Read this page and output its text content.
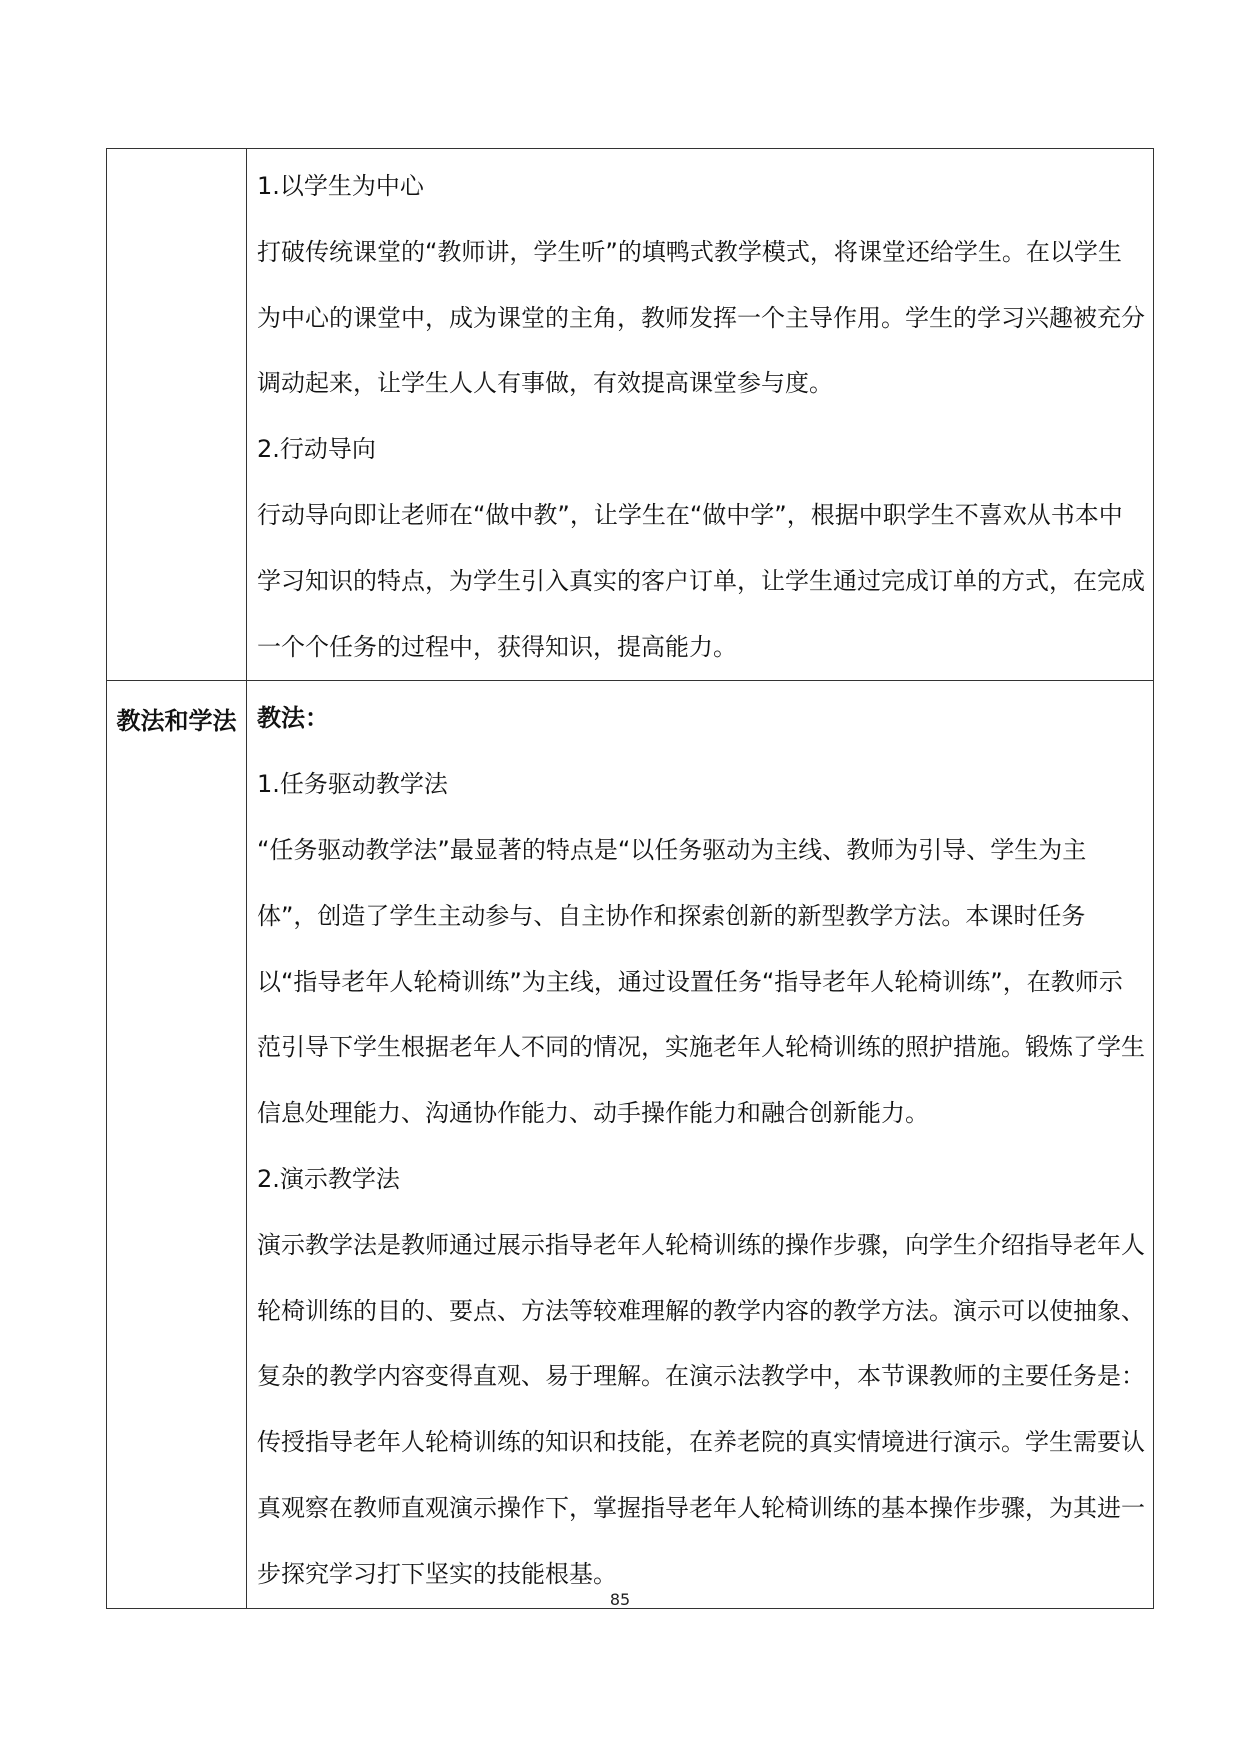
	1.以学生为中心

打破传统课堂的“教师讲，学生听”的填鸭式教学模式，将课堂还给学生。在以学生为中心的课堂中，成为课堂的主角，教师发挥一个主导作用。学生的学习兴趣被充分调动起来，让学生人人有事做，有效提高课堂参与度。

2.行动导向

行动导向即让老师在“做中教”，让学生在“做中学”，根据中职学生不喜欢从书本中学习知识的特点，为学生引入真实的客户订单，让学生通过完成订单的方式，在完成一个个任务的过程中，获得知识，提高能力。

教法和学法	教法：

1.任务驱动教学法

“任务驱动教学法”最显著的特点是“以任务驱动为主线、教师为引导、学生为主体”，创造了学生主动参与、自主协作和探索创新的新型教学方法。本课时任务以“指导老年人轮椅训练”为主线，通过设置任务“指导老年人轮椅训练”，在教师示范引导下学生根据老年人不同的情况，实施老年人轮椅训练的照护措施。锻炼了学生信息处理能力、沟通协作能力、动手操作能力和融合创新能力。

2.演示教学法

演示教学法是教师通过展示指导老年人轮椅训练的操作步骤，向学生介绍指导老年人轮椅训练的目的、要点、方法等较难理解的教学内容的教学方法。演示可以使抽象、复杂的教学内容变得直观、易于理解。在演示法教学中，本节课教师的主要任务是：传授指导老年人轮椅训练的知识和技能，在养老院的真实情境进行演示。学生需要认真观察在教师直观演示操作下，掌握指导老年人轮椅训练的基本操作步骤，为其进一步探究学习打下坚实的技能根基。

85
